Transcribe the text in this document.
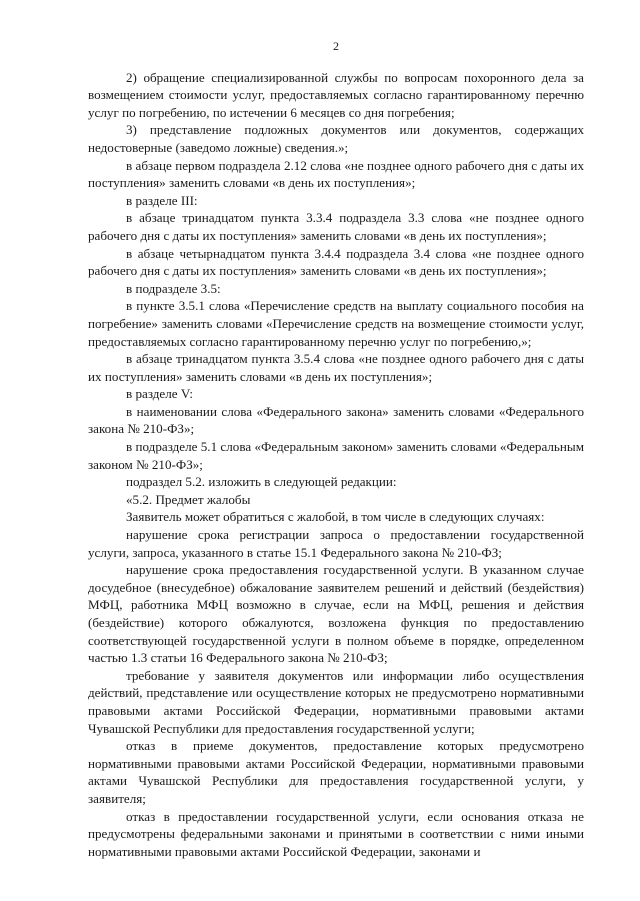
2

2) обращение специализированной службы по вопросам похоронного дела за возмещением стоимости услуг, предоставляемых согласно гарантированному перечню услуг по погребению, по истечении 6 месяцев со дня погребения;

3) представление подложных документов или документов, содержащих недостоверные (заведомо ложные) сведения.»;

в абзаце первом подраздела 2.12 слова «не позднее одного рабочего дня с даты их поступления» заменить словами «в день их поступления»;

в разделе III:

в абзаце тринадцатом пункта 3.3.4 подраздела 3.3 слова «не позднее одного рабочего дня с даты их поступления» заменить словами «в день их поступления»;

в абзаце четырнадцатом пункта 3.4.4 подраздела 3.4 слова «не позднее одного рабочего дня с даты их поступления» заменить словами «в день их поступления»;

в подразделе 3.5:

в пункте 3.5.1 слова «Перечисление средств на выплату социального пособия на погребение» заменить словами «Перечисление средств на возмещение стоимости услуг, предоставляемых согласно гарантированному перечню услуг по погребению,»;

в абзаце тринадцатом пункта 3.5.4 слова «не позднее одного рабочего дня с даты их поступления» заменить словами «в день их поступления»;

в разделе V:

в наименовании слова «Федерального закона» заменить словами «Федерального закона № 210-ФЗ»;

в подразделе 5.1 слова «Федеральным законом» заменить словами «Федеральным законом № 210-ФЗ»;

подраздел 5.2. изложить в следующей редакции:

«5.2. Предмет жалобы

Заявитель может обратиться с жалобой, в том числе в следующих случаях:

нарушение срока регистрации запроса о предоставлении государственной услуги, запроса, указанного в статье 15.1 Федерального закона № 210-ФЗ;

нарушение срока предоставления государственной услуги. В указанном случае досудебное (внесудебное) обжалование заявителем решений и действий (бездействия) МФЦ, работника МФЦ возможно в случае, если на МФЦ, решения и действия (бездействие) которого обжалуются, возложена функция по предоставлению соответствующей государственной услуги в полном объеме в порядке, определенном частью 1.3 статьи 16 Федерального закона № 210-ФЗ;

требование у заявителя документов или информации либо осуществления действий, представление или осуществление которых не предусмотрено нормативными правовыми актами Российской Федерации, нормативными правовыми актами Чувашской Республики для предоставления государственной услуги;

отказ в приеме документов, предоставление которых предусмотрено нормативными правовыми актами Российской Федерации, нормативными правовыми актами Чувашской Республики для предоставления государственной услуги, у заявителя;

отказ в предоставлении государственной услуги, если основания отказа не предусмотрены федеральными законами и принятыми в соответствии с ними иными нормативными правовыми актами Российской Федерации, законами и
